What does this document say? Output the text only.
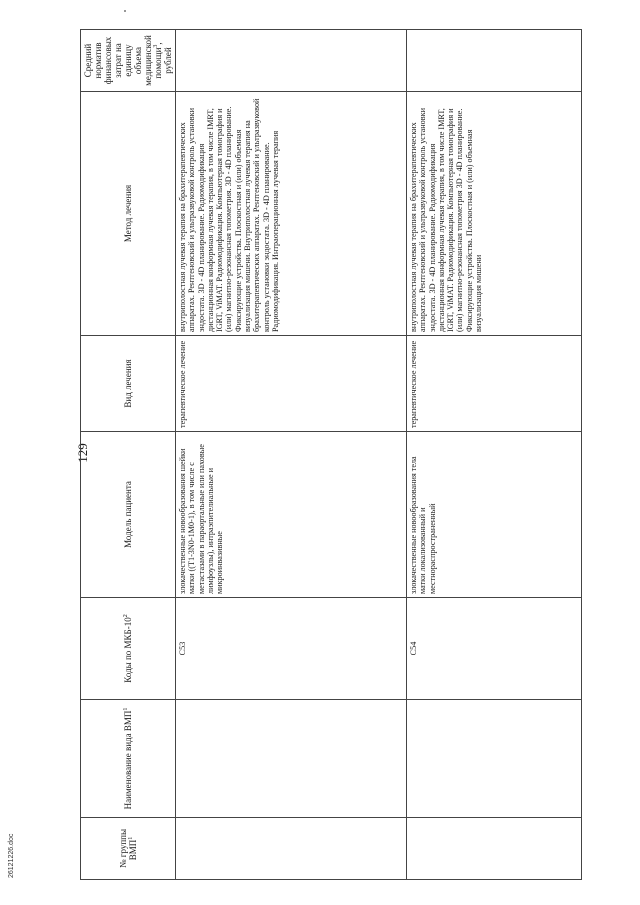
129
№ группы ВМП$^1$	Наименование вида ВМП$^1$	Коды по МКБ-$10^2$	Модель пациента	Вид лечения	Метод лечения	Средний норматив финансовых затрат на единицу объема медицинской помощи$^3$, рублей
		C53	злокачественные новообразования шейки матки ((T1-3N0-1M0-1), в том числе с метастазами в параортальные или паховые лимфоузлы), интраэпителиальные и микроинвазивные	терапевтическое лечение	внутриполостная лучевая терапия на брахитерапевтических аппаратах. Рентгеновский и ультразвуковой контроль установки эндостата. 3D - 4D планирование. Радиомодификация дистанционная конформная лучевая терапия, в том числе IMRT, IGRT, ViMAT. Радиомодификация. Компьютерная томография и (или) магнитно-резонансная топометрия. 3D - 4D планирование. Фиксирующие устройства. Плоскостная и (или) объемная визуализация мишени. Внутриполостная лучевая терапия на брахитерапевтических аппаратах. Рентгеновский и ультразвуковой контроль установки эндостата. 3D - 4D планирование. Радиомодификация. Интраоперационная лучевая терапия	
		C54	злокачественные новообразования тела матки локализованный и местнораспространенный	терапевтическое лечение	внутриполостная лучевая терапия на брахитерапевтических аппаратах. Рентгеновский и ультразвуковой контроль установки эндостата. 3D - 4D планирование. Радиомодификация дистанционная конформная лучевая терапия, в том числе IMRT, IGRT, ViMAT. Радиомодификация. Компьютерная томография и (или) магнитно-резонансная топометрия 3D - 4D планирование. Фиксирующие устройства. Плоскостная и (или) объемная визуализация мишени	
26121226.doc
